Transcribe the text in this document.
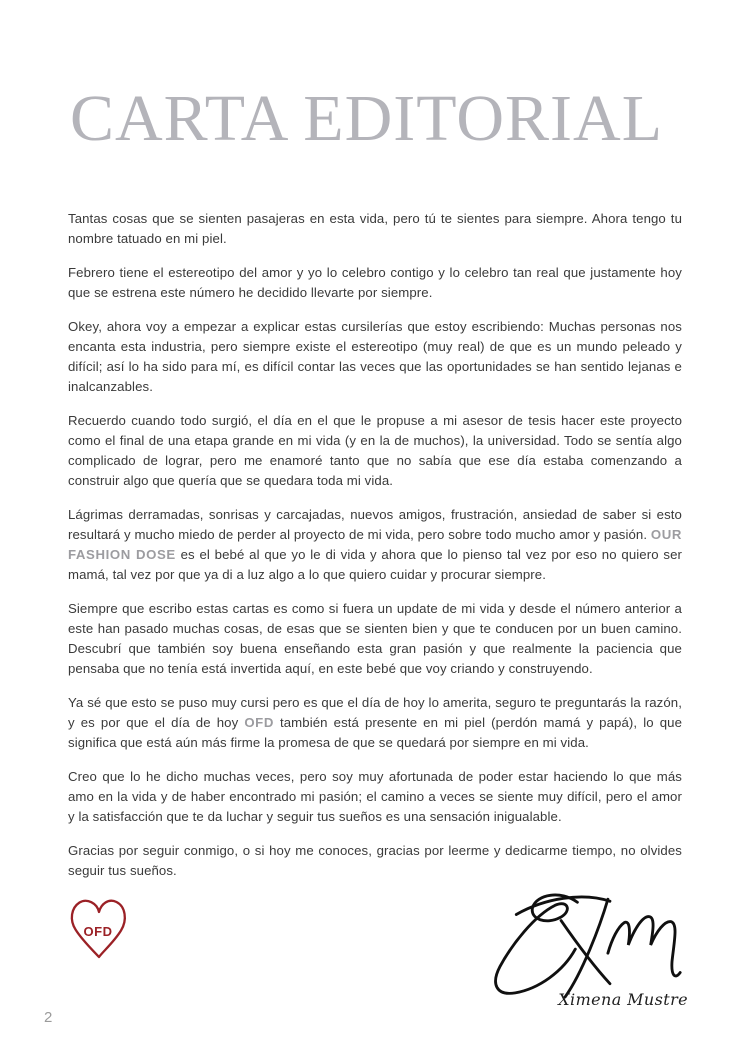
CARTA EDITORIAL

Tantas cosas que se sienten pasajeras en esta vida, pero tú te sientes para siempre. Ahora tengo tu nombre tatuado en mi piel.

Febrero tiene el estereotipo del amor y yo lo celebro contigo y lo celebro tan real que justamente hoy que se estrena este número he decidido llevarte por siempre.

Okey, ahora voy a empezar a explicar estas cursilerías que estoy escribiendo: Muchas personas nos encanta esta industria, pero siempre existe el estereotipo (muy real) de que es un mundo peleado y difícil; así lo ha sido para mí, es difícil contar las veces que las oportunidades se han sentido lejanas e inalcanzables.

Recuerdo cuando todo surgió, el día en el que le propuse a mi asesor de tesis hacer este proyecto como el final de una etapa grande en mi vida (y en la de muchos), la universidad. Todo se sentía algo complicado de lograr, pero me enamoré tanto que no sabía que ese día estaba comenzando a construir algo que quería que se quedara toda mi vida.

Lágrimas derramadas, sonrisas y carcajadas, nuevos amigos, frustración, ansiedad de saber si esto resultará y mucho miedo de perder al proyecto de mi vida, pero sobre todo mucho amor y pasión. OUR FASHION DOSE es el bebé al que yo le di vida y ahora que lo pienso tal vez por eso no quiero ser mamá, tal vez por que ya di a luz algo a lo que quiero cuidar y procurar siempre.

Siempre que escribo estas cartas es como si fuera un update de mi vida y desde el número anterior a este han pasado muchas cosas, de esas que se sienten bien y que te conducen por un buen camino. Descubrí que también soy buena enseñando esta gran pasión y que realmente la paciencia que pensaba que no tenía está invertida aquí, en este bebé que voy criando y construyendo.

Ya sé que esto se puso muy cursi pero es que el día de hoy lo amerita, seguro te preguntarás la razón, y es por que el día de hoy OFD también está presente en mi piel (perdón mamá y papá), lo que significa que está aún más firme la promesa de que se quedará por siempre en mi vida.

Creo que lo he dicho muchas veces, pero soy muy afortunada de poder estar haciendo lo que más amo en la vida y de haber encontrado mi pasión; el camino a veces se siente muy difícil, pero el amor y la satisfacción que te da luchar y seguir tus sueños es una sensación inigualable.

Gracias por seguir conmigo, o si hoy me conoces, gracias por leerme y dedicarme tiempo, no olvides seguir tus sueños.

OFD
Ximena Mustre
2
